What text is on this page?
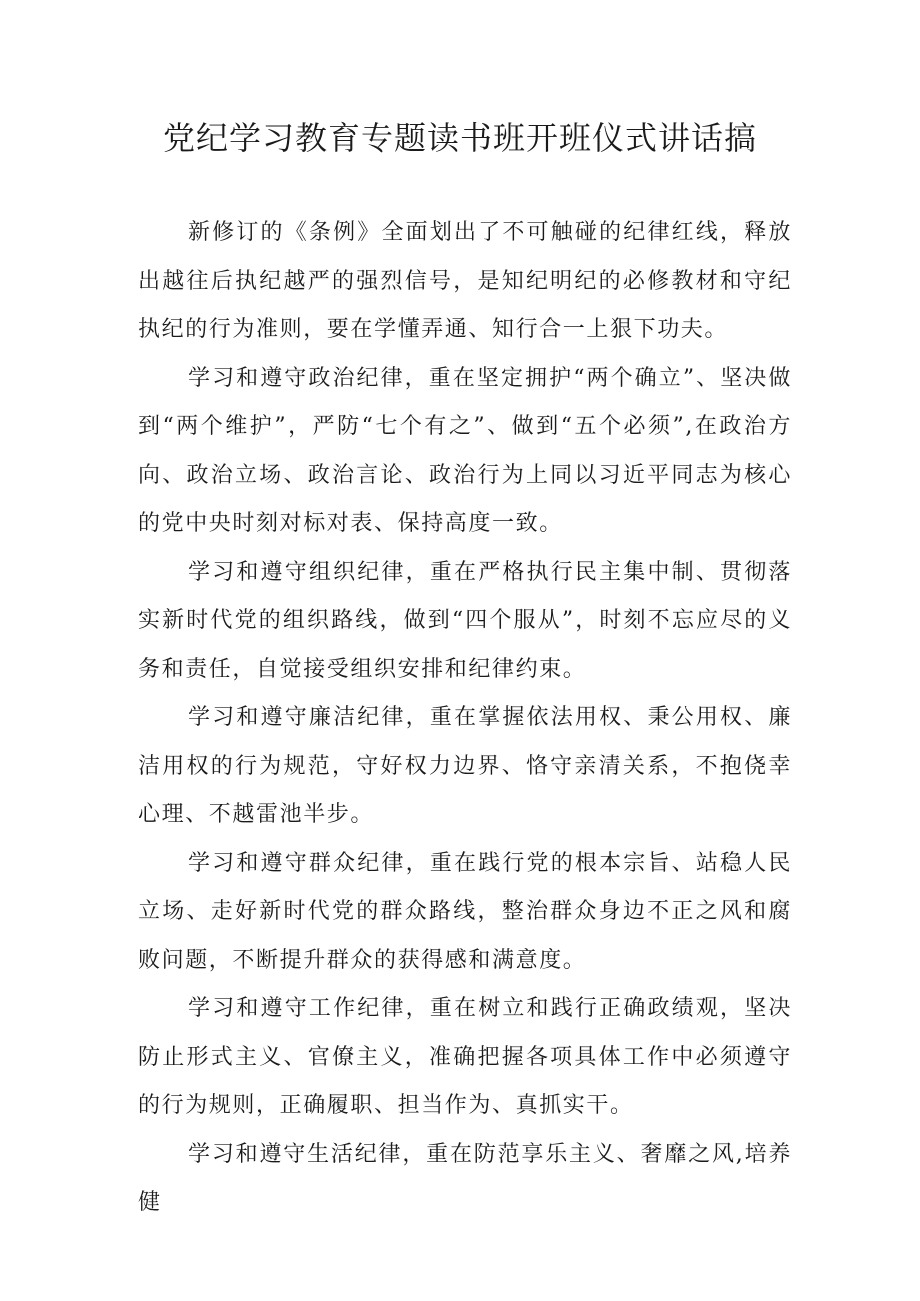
党纪学习教育专题读书班开班仪式讲话搞

新修订的《条例》全面划出了不可触碰的纪律红线，释放出越往后执纪越严的强烈信号，是知纪明纪的必修教材和守纪执纪的行为准则，要在学懂弄通、知行合一上狠下功夫。

学习和遵守政治纪律，重在坚定拥护“两个确立”、坚决做到“两个维护”，严防“七个有之”、做到“五个必须”,在政治方向、政治立场、政治言论、政治行为上同以习近平同志为核心的党中央时刻对标对表、保持高度一致。

学习和遵守组织纪律，重在严格执行民主集中制、贯彻落实新时代党的组织路线，做到“四个服从”，时刻不忘应尽的义务和责任，自觉接受组织安排和纪律约束。

学习和遵守廉洁纪律，重在掌握依法用权、秉公用权、廉洁用权的行为规范，守好权力边界、恪守亲清关系，不抱侥幸心理、不越雷池半步。

学习和遵守群众纪律，重在践行党的根本宗旨、站稳人民立场、走好新时代党的群众路线，整治群众身边不正之风和腐败问题，不断提升群众的获得感和满意度。

学习和遵守工作纪律，重在树立和践行正确政绩观，坚决防止形式主义、官僚主义，准确把握各项具体工作中必须遵守的行为规则，正确履职、担当作为、真抓实干。

学习和遵守生活纪律，重在防范享乐主义、奢靡之风,培养健
